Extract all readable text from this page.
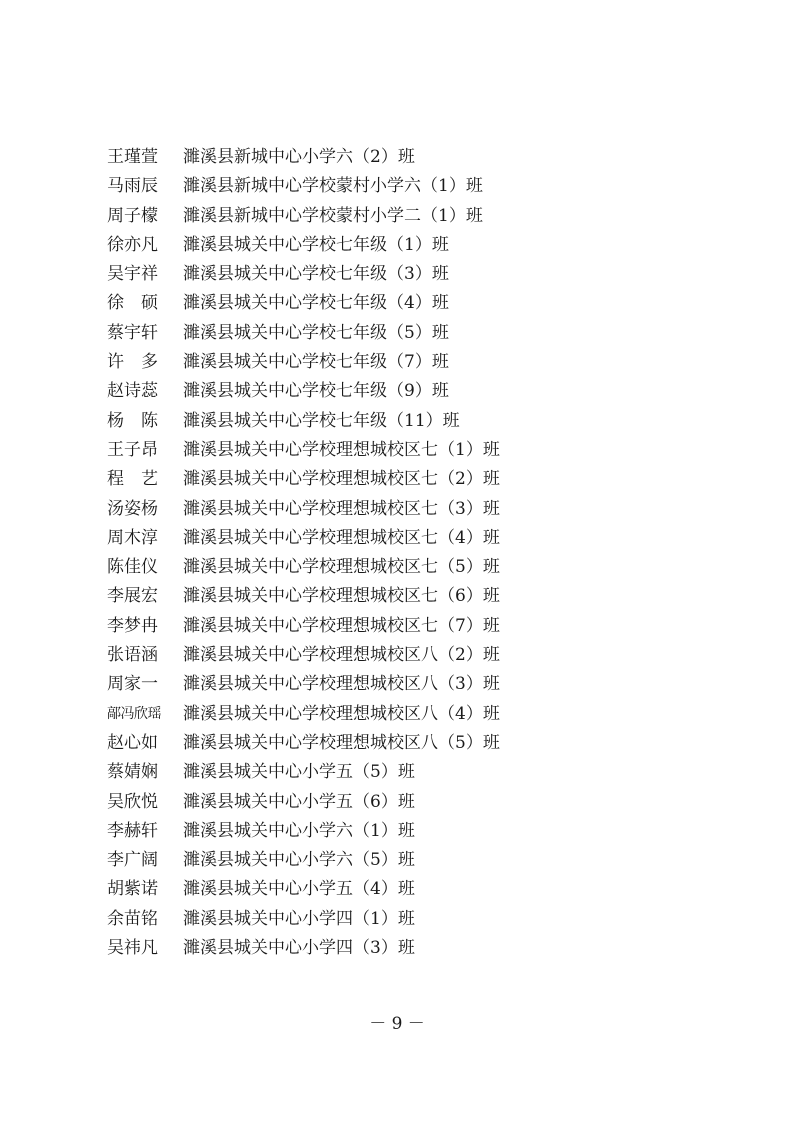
王瑾萱	濉溪县新城中心小学六（2）班
马雨辰	濉溪县新城中心学校蒙村小学六（1）班
周子檬	濉溪县新城中心学校蒙村小学二（1）班
徐亦凡	濉溪县城关中心学校七年级（1）班
吴宇祥	濉溪县城关中心学校七年级（3）班
徐　硕	濉溪县城关中心学校七年级（4）班
蔡宇轩	濉溪县城关中心学校七年级（5）班
许　多	濉溪县城关中心学校七年级（7）班
赵诗蕊	濉溪县城关中心学校七年级（9）班
杨　陈	濉溪县城关中心学校七年级（11）班
王子昂	濉溪县城关中心学校理想城校区七（1）班
程　艺	濉溪县城关中心学校理想城校区七（2）班
汤姿杨	濉溪县城关中心学校理想城校区七（3）班
周木淳	濉溪县城关中心学校理想城校区七（4）班
陈佳仪	濉溪县城关中心学校理想城校区七（5）班
李展宏	濉溪县城关中心学校理想城校区七（6）班
李梦冉	濉溪县城关中心学校理想城校区七（7）班
张语涵	濉溪县城关中心学校理想城校区八（2）班
周家一	濉溪县城关中心学校理想城校区八（3）班
鄗冯欣瑶	濉溪县城关中心学校理想城校区八（4）班
赵心如	濉溪县城关中心学校理想城校区八（5）班
蔡婧娴	濉溪县城关中心小学五（5）班
吴欣悦	濉溪县城关中心小学五（6）班
李赫轩	濉溪县城关中心小学六（1）班
李广阔	濉溪县城关中心小学六（5）班
胡紫诺	濉溪县城关中心小学五（4）班
余苗铭	濉溪县城关中心小学四（1）班
吴祎凡	濉溪县城关中心小学四（3）班
－ 9 －
